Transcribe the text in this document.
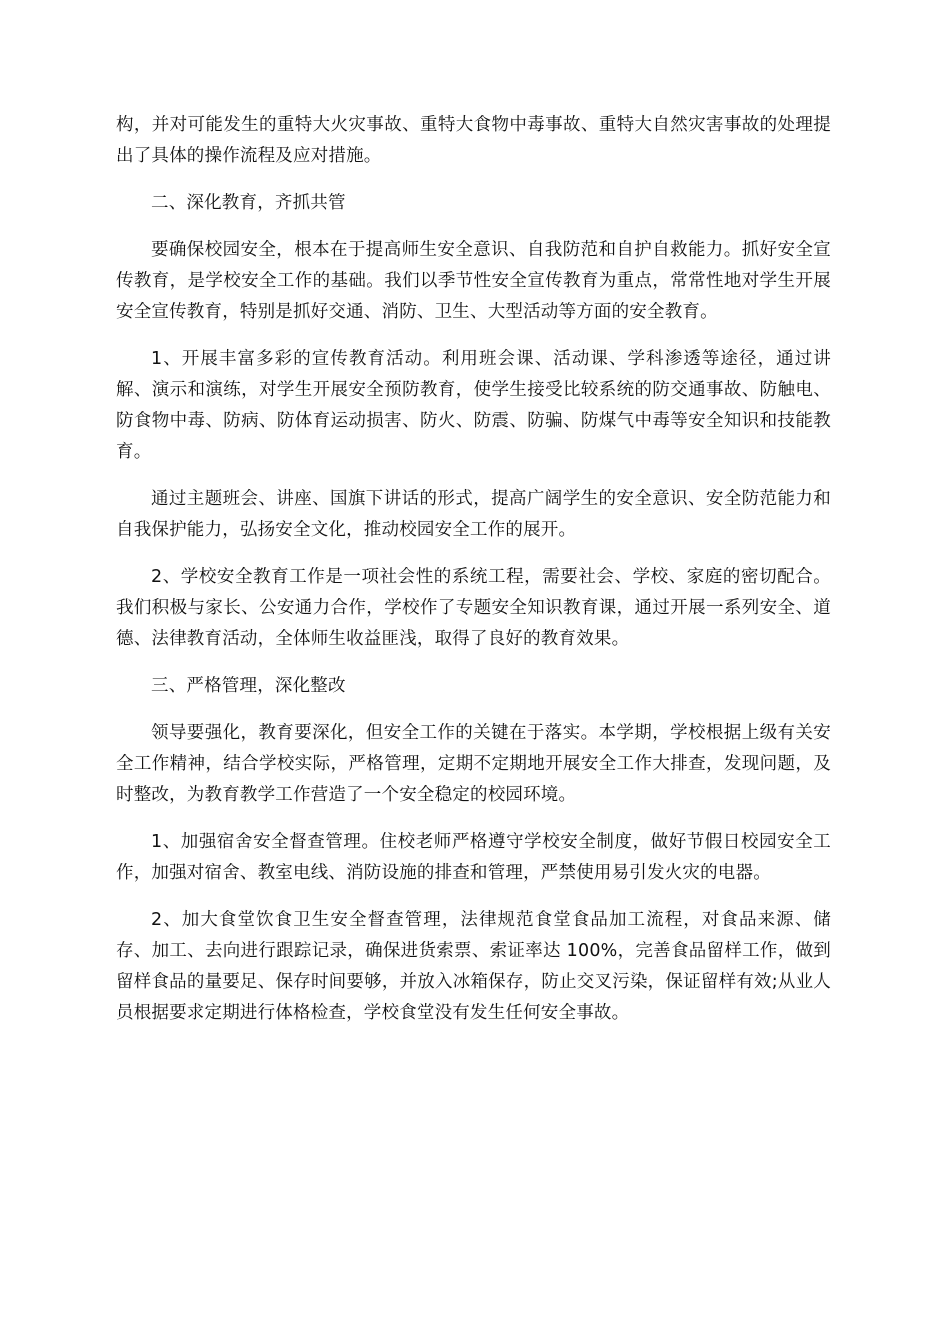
构，并对可能发生的重特大火灾事故、重特大食物中毒事故、重特大自然灾害事故的处理提出了具体的操作流程及应对措施。

二、深化教育，齐抓共管

要确保校园安全，根本在于提高师生安全意识、自我防范和自护自救能力。抓好安全宣传教育，是学校安全工作的基础。我们以季节性安全宣传教育为重点，常常性地对学生开展安全宣传教育，特别是抓好交通、消防、卫生、大型活动等方面的安全教育。

1、开展丰富多彩的宣传教育活动。利用班会课、活动课、学科渗透等途径，通过讲解、演示和演练，对学生开展安全预防教育，使学生接受比较系统的防交通事故、防触电、防食物中毒、防病、防体育运动损害、防火、防震、防骗、防煤气中毒等安全知识和技能教育。

通过主题班会、讲座、国旗下讲话的形式，提高广阔学生的安全意识、安全防范能力和自我保护能力，弘扬安全文化，推动校园安全工作的展开。

2、学校安全教育工作是一项社会性的系统工程，需要社会、学校、家庭的密切配合。我们积极与家长、公安通力合作，学校作了专题安全知识教育课，通过开展一系列安全、道德、法律教育活动，全体师生收益匪浅，取得了良好的教育效果。

三、严格管理，深化整改

领导要强化，教育要深化，但安全工作的关键在于落实。本学期，学校根据上级有关安全工作精神，结合学校实际，严格管理，定期不定期地开展安全工作大排查，发现问题，及时整改，为教育教学工作营造了一个安全稳定的校园环境。

1、加强宿舍安全督查管理。住校老师严格遵守学校安全制度，做好节假日校园安全工作，加强对宿舍、教室电线、消防设施的排查和管理，严禁使用易引发火灾的电器。

2、加大食堂饮食卫生安全督查管理，法律规范食堂食品加工流程，对食品来源、储存、加工、去向进行跟踪记录，确保进货索票、索证率达 100%，完善食品留样工作，做到留样食品的量要足、保存时间要够，并放入冰箱保存，防止交叉污染，保证留样有效;从业人员根据要求定期进行体格检查，学校食堂没有发生任何安全事故。
